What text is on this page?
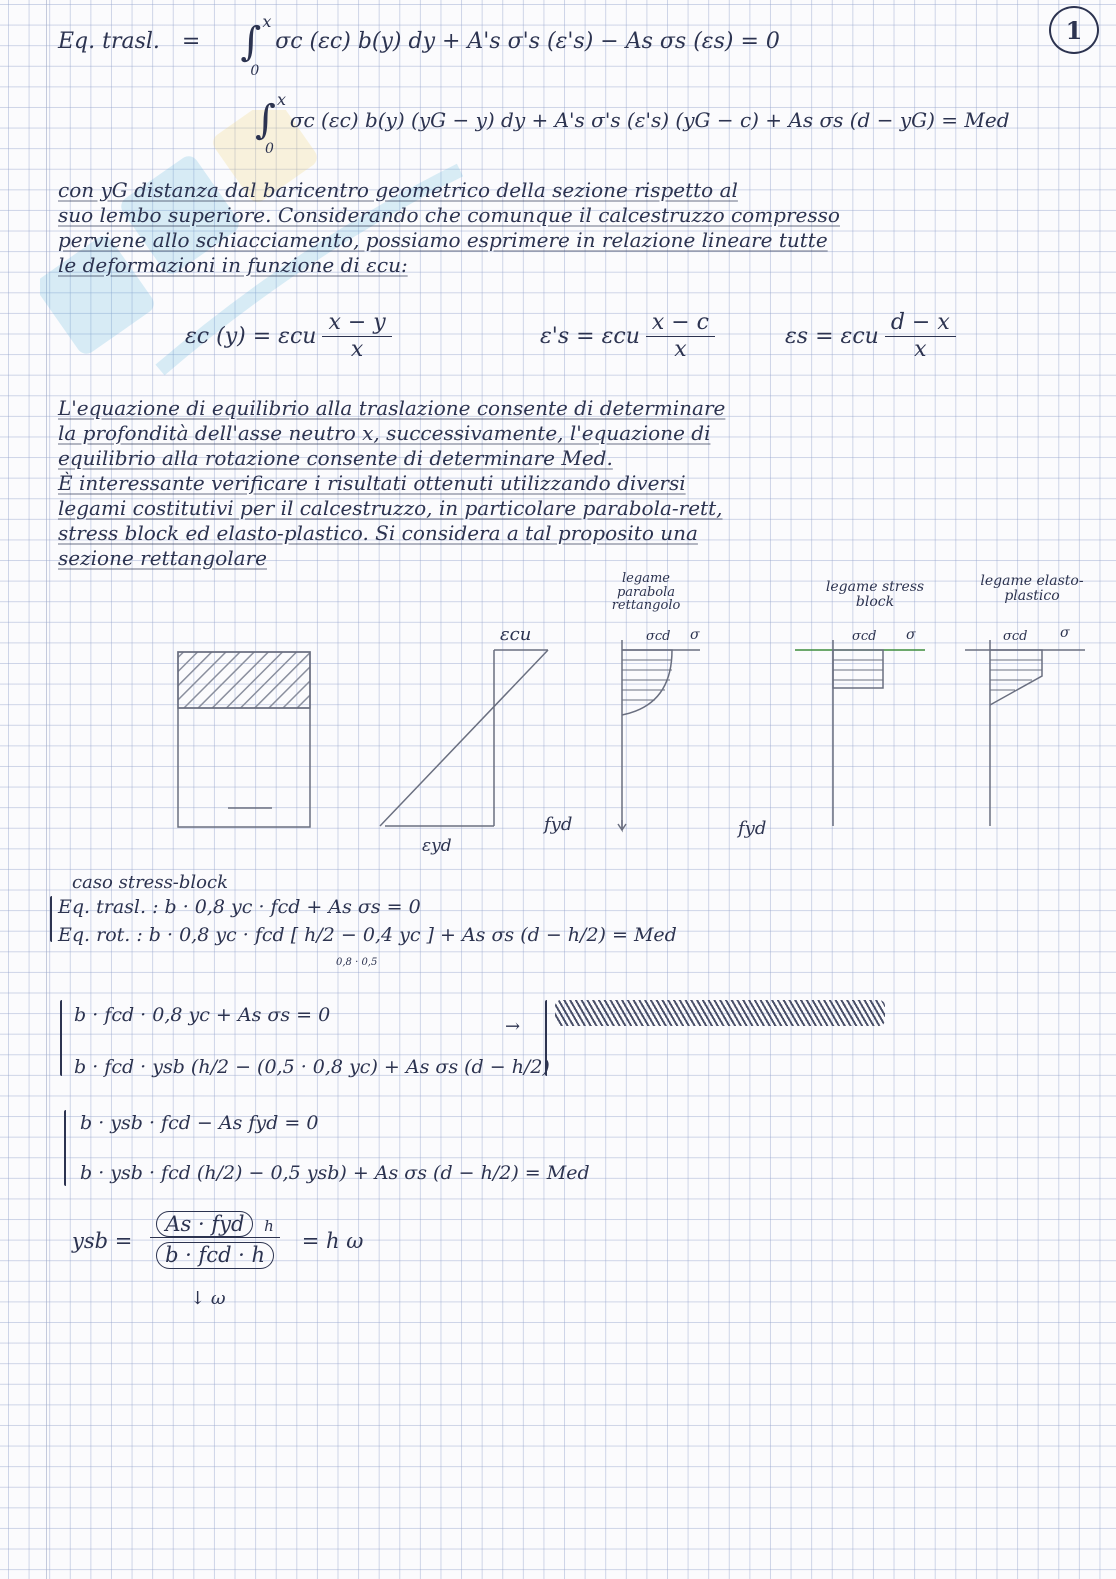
1
Eq. trasl. = ∫ x
0
σc (εc) b(y) dy + A's σ's (ε's) − As σs (εs) = 0
∫ x
0
σc (εc) b(y) (yG − y) dy + A's σ's (ε's) (yG − c) + As σs (d − yG) = Med
con yG distanza dal baricentro geometrico della sezione rispetto al
suo lembo superiore. Considerando che comunque il calcestruzzo compresso
perviene allo schiacciamento, possiamo esprimere in relazione lineare tutte
le deformazioni in funzione di εcu:
εc (y) = εcu $\frac{x - y}{x}$	ε's = εcu $\frac{x - c}{x}$	εs = εcu $\frac{d - x}{x}$
L'equazione di equilibrio alla traslazione consente di determinare
la profondità dell'asse neutro x, successivamente, l'equazione di
equilibrio alla rotazione consente di determinare Med.
È interessante verificare i risultati ottenuti utilizzando diversi
legami costitutivi per il calcestruzzo, in particolare parabola-rett,
stress block ed elasto-plastico. Si considera a tal proposito una
sezione rettangolare
legame parabola rettangolo
legame stress block
legame elasto-plastico
εcu	σcd σ	σcd σ	σcd σ
εyd
fyd	fyd
caso stress-block
Eq. trasl. : b · 0,8 yc · fcd + As σs = 0
Eq. rot. : b · 0,8 yc · fcd [ h/2 − 0,4 yc ] + As σs (d − h/2) = Med
0,8 · 0,5
b · fcd · 0,8 yc + As σs = 0
b · fcd · ysb (h/2 − (0,5 · 0,8 yc) + As σs (d − h/2)
→
b · ysb · fcd − As fyd = 0
b · ysb · fcd (h/2) − 0,5 ysb) + As σs (d − h/2) = Med
ysb = $\frac{\text{As · fyd h}}{\text{b · fcd · h}} = h$ ω
↓ ω
